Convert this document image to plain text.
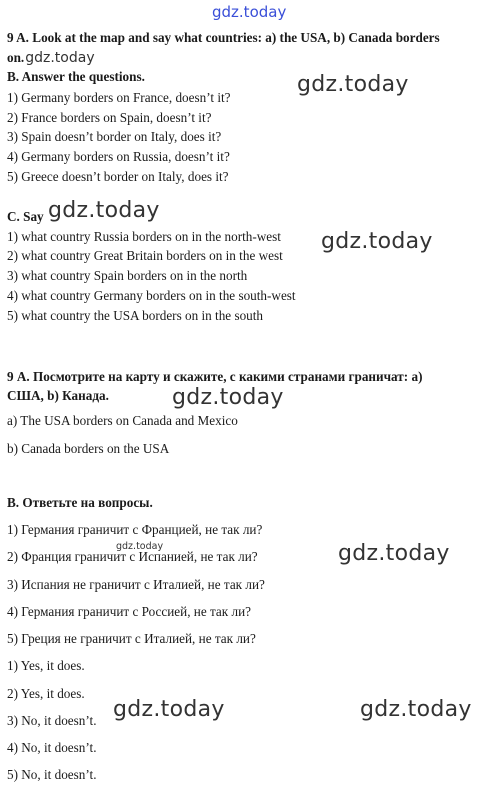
gdz.today
9 A. Look at the map and say what countries: a) the USA, b) Canada borders
on.gdz.today
B. Answer the questions.
1) Germany borders on France, doesn’t it?
2) France borders on Spain, doesn’t it?
3) Spain doesn’t border on Italy, does it?
4) Germany borders on Russia, doesn’t it?
5) Greece doesn’t border on Italy, does it?
gdz.today
C. Say gdz.today
1) what country Russia borders on in the north-west
2) what country Great Britain borders on in the west
3) what country Spain borders on in the north
4) what country Germany borders on in the south-west
5) what country the USA borders on in the south
gdz.today
9 А. Посмотрите на карту и скажите, с какими странами граничат: а)
США, b) Канада.	gdz.today
a) The USA borders on Canada and Mexico
b) Canada borders on the USA
В. Ответьте на вопросы.
1) Германия граничит с Францией, не так ли?
2) Франция граничит с Испанией, не так ли?
gdz.today	gdz.today
3) Испания не граничит с Италией, не так ли?
4) Германия граничит с Россией, не так ли?
5) Греция не граничит с Италией, не так ли?
1) Yes, it does.
2) Yes, it does.
3) No, it doesn’t.
4) No, it doesn’t.
5) No, it doesn’t.
gdz.today	gdz.today
